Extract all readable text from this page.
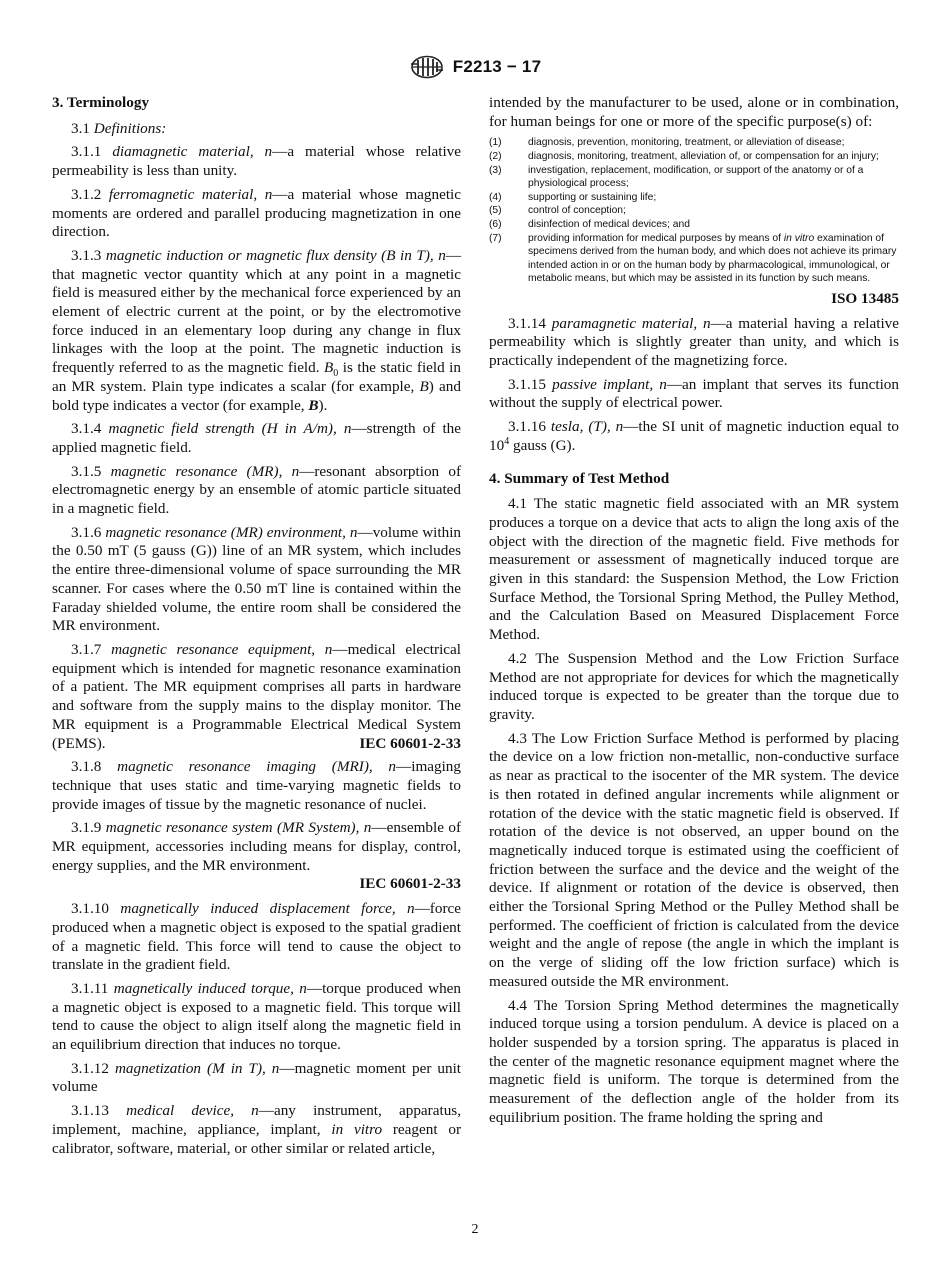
F2213 − 17

3. Terminology

3.1 Definitions:

3.1.1 diamagnetic material, n—a material whose relative permeability is less than unity.

3.1.2 ferromagnetic material, n—a material whose magnetic moments are ordered and parallel producing magnetization in one direction.

3.1.3 magnetic induction or magnetic flux density (B in T), n—that magnetic vector quantity which at any point in a magnetic field is measured either by the mechanical force experienced by an element of electric current at the point, or by the electromotive force induced in an elementary loop during any change in flux linkages with the loop at the point. The magnetic induction is frequently referred to as the magnetic field. $B_0$ is the static field in an MR system. Plain type indicates a scalar (for example, B) and bold type indicates a vector (for example, B).

3.1.4 magnetic field strength (H in A/m), n—strength of the applied magnetic field.

3.1.5 magnetic resonance (MR), n—resonant absorption of electromagnetic energy by an ensemble of atomic particle situated in a magnetic field.

3.1.6 magnetic resonance (MR) environment, n—volume within the 0.50 mT (5 gauss (G)) line of an MR system, which includes the entire three-dimensional volume of space surrounding the MR scanner. For cases where the 0.50 mT line is contained within the Faraday shielded volume, the entire room shall be considered the MR environment.

3.1.7 magnetic resonance equipment, n—medical electrical equipment which is intended for magnetic resonance examination of a patient. The MR equipment comprises all parts in hardware and software from the supply mains to the display monitor. The MR equipment is a Programmable Electrical Medical System (PEMS).	IEC 60601-2-33

3.1.8 magnetic resonance imaging (MRI), n—imaging technique that uses static and time-varying magnetic fields to provide images of tissue by the magnetic resonance of nuclei.

3.1.9 magnetic resonance system (MR System), n—ensemble of MR equipment, accessories including means for display, control, energy supplies, and the MR environment.

IEC 60601-2-33

3.1.10 magnetically induced displacement force, n—force produced when a magnetic object is exposed to the spatial gradient of a magnetic field. This force will tend to cause the object to translate in the gradient field.

3.1.11 magnetically induced torque, n—torque produced when a magnetic object is exposed to a magnetic field. This torque will tend to cause the object to align itself along the magnetic field in an equilibrium direction that induces no torque.

3.1.12 magnetization (M in T), n—magnetic moment per unit volume

3.1.13 medical device, n—any instrument, apparatus, implement, machine, appliance, implant, in vitro reagent or calibrator, software, material, or other similar or related article,

intended by the manufacturer to be used, alone or in combination, for human beings for one or more of the specific purpose(s) of:

(1)	diagnosis, prevention, monitoring, treatment, or alleviation of disease;
(2)	diagnosis, monitoring, treatment, alleviation of, or compensation for an injury;
(3)	investigation, replacement, modification, or support of the anatomy or of a physiological process;
(4)	supporting or sustaining life;
(5)	control of conception;
(6)	disinfection of medical devices; and
(7)	providing information for medical purposes by means of in vitro examination of specimens derived from the human body, and which does not achieve its primary intended action in or on the human body by pharmacological, immunological, or metabolic means, but which may be assisted in its function by such means.
ISO 13485

3.1.14 paramagnetic material, n—a material having a relative permeability which is slightly greater than unity, and which is practically independent of the magnetizing force.

3.1.15 passive implant, n—an implant that serves its function without the supply of electrical power.

3.1.16 tesla, (T), n—the SI unit of magnetic induction equal to $10^4$ gauss (G).

4. Summary of Test Method

4.1 The static magnetic field associated with an MR system produces a torque on a device that acts to align the long axis of the object with the direction of the magnetic field. Five methods for measurement or assessment of magnetically induced torque are given in this standard: the Suspension Method, the Low Friction Surface Method, the Torsional Spring Method, the Pulley Method, and the Calculation Based on Measured Displacement Force Method.

4.2 The Suspension Method and the Low Friction Surface Method are not appropriate for devices for which the magnetically induced torque is expected to be greater than the torque due to gravity.

4.3 The Low Friction Surface Method is performed by placing the device on a low friction non-metallic, non-conductive surface as near as practical to the isocenter of the MR system. The device is then rotated in defined angular increments while alignment or rotation of the device with the static magnetic field is observed. If rotation of the device is not observed, an upper bound on the magnetically induced torque is estimated using the coefficient of friction between the surface and the device and the weight of the device. If alignment or rotation of the device is observed, then either the Torsional Spring Method or the Pulley Method shall be performed. The coefficient of friction is calculated from the device weight and the angle of repose (the angle in which the implant is on the verge of sliding off the low friction surface) which is measured outside the MR environment.

4.4 The Torsion Spring Method determines the magnetically induced torque using a torsion pendulum. A device is placed on a holder suspended by a torsion spring. The apparatus is placed in the center of the magnetic resonance equipment magnet where the magnetic field is uniform. The torque is determined from the measurement of the deflection angle of the holder from its equilibrium position. The frame holding the spring and

2
